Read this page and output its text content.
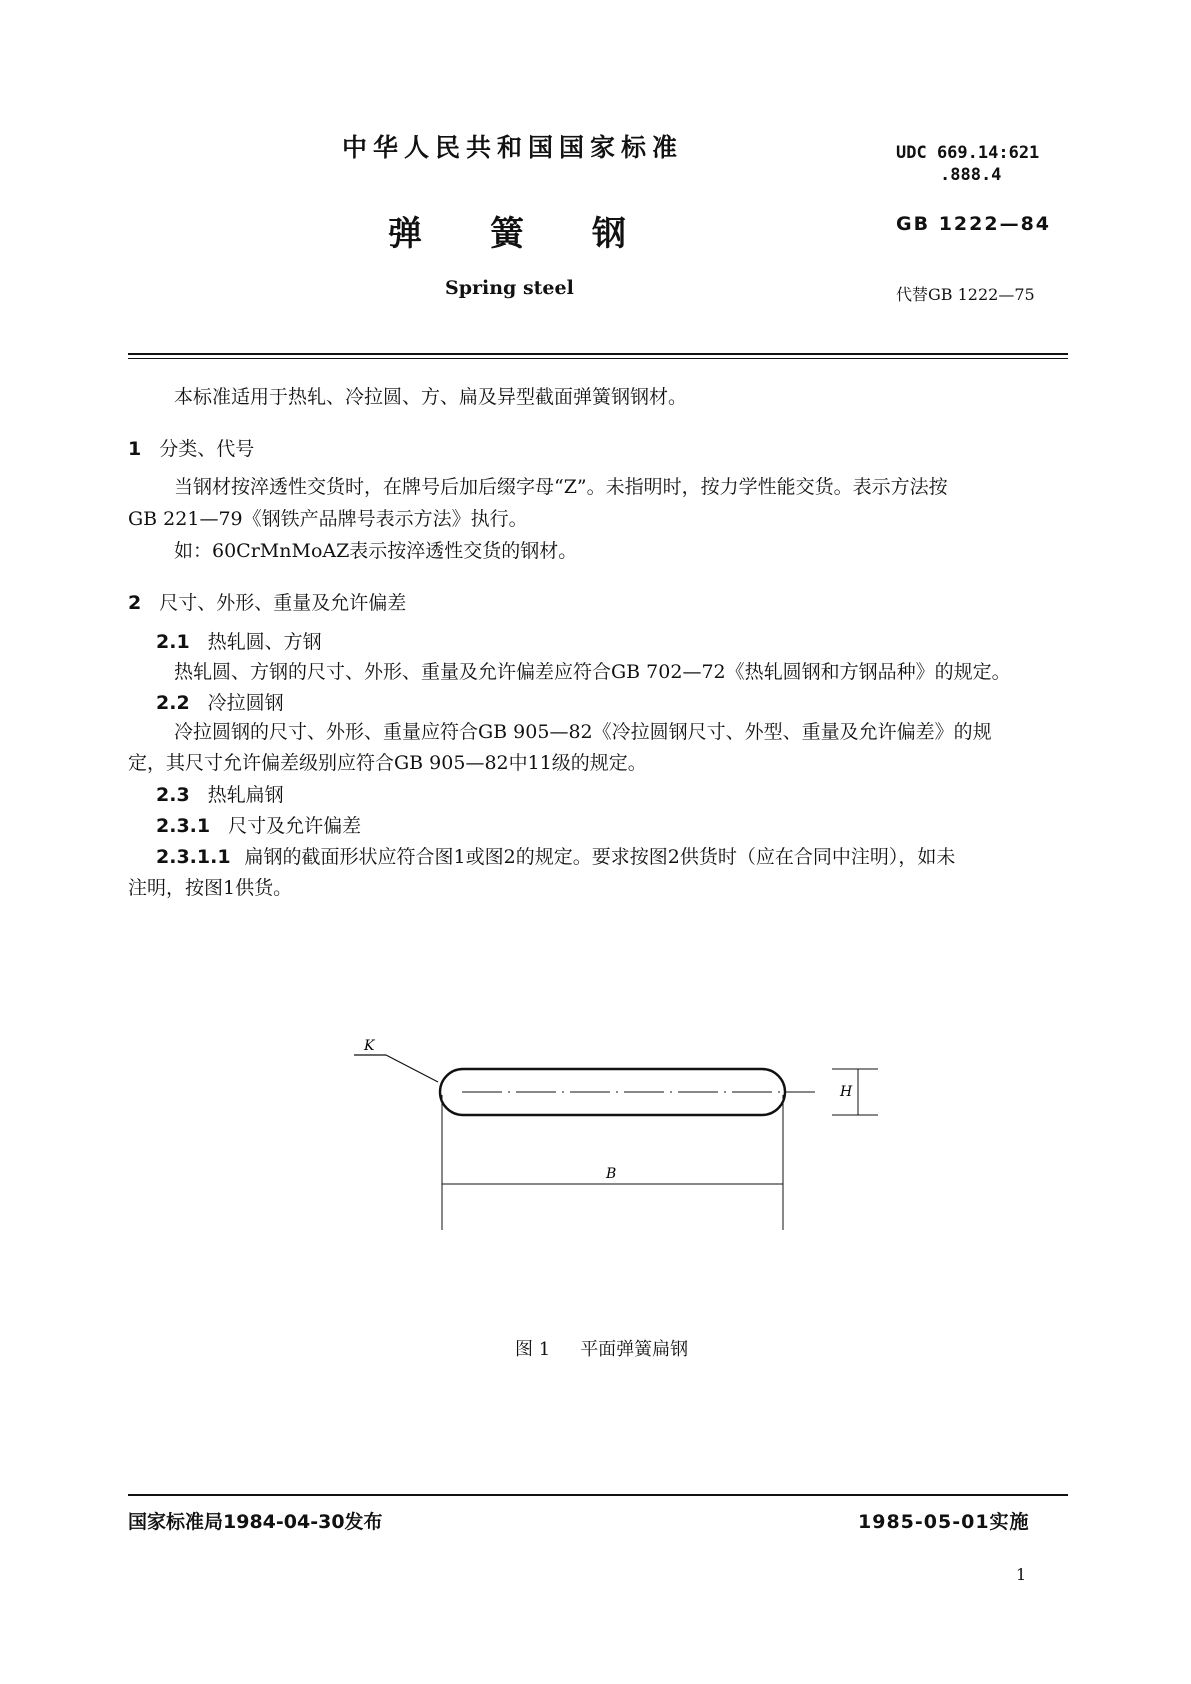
中华人民共和国国家标准
弹 簧 钢
Spring steel
UDC 669.14:621
.888.4
GB 1222—84
代替GB 1222—75
本标准适用于热轧、冷拉圆、方、扁及异型截面弹簧钢钢材。
1 分类、代号
当钢材按淬透性交货时，在牌号后加后缀字母“Z”。未指明时，按力学性能交货。表示方法按
GB 221—79《钢铁产品牌号表示方法》执行。
如：60CrMnMoAZ表示按淬透性交货的钢材。
2 尺寸、外形、重量及允许偏差
2.1 热轧圆、方钢
热轧圆、方钢的尺寸、外形、重量及允许偏差应符合GB 702—72《热轧圆钢和方钢品种》的规定。
2.2 冷拉圆钢
冷拉圆钢的尺寸、外形、重量应符合GB 905—82《冷拉圆钢尺寸、外型、重量及允许偏差》的规
定，其尺寸允许偏差级别应符合GB 905—82中11级的规定。
2.3 热轧扁钢
2.3.1 尺寸及允许偏差
2.3.1.1 扁钢的截面形状应符合图1或图2的规定。要求按图2供货时（应在合同中注明），如未
注明，按图1供货。
K
B
H
图 1 平面弹簧扁钢
国家标准局1984-04-30发布	1985-05-01实施
1
